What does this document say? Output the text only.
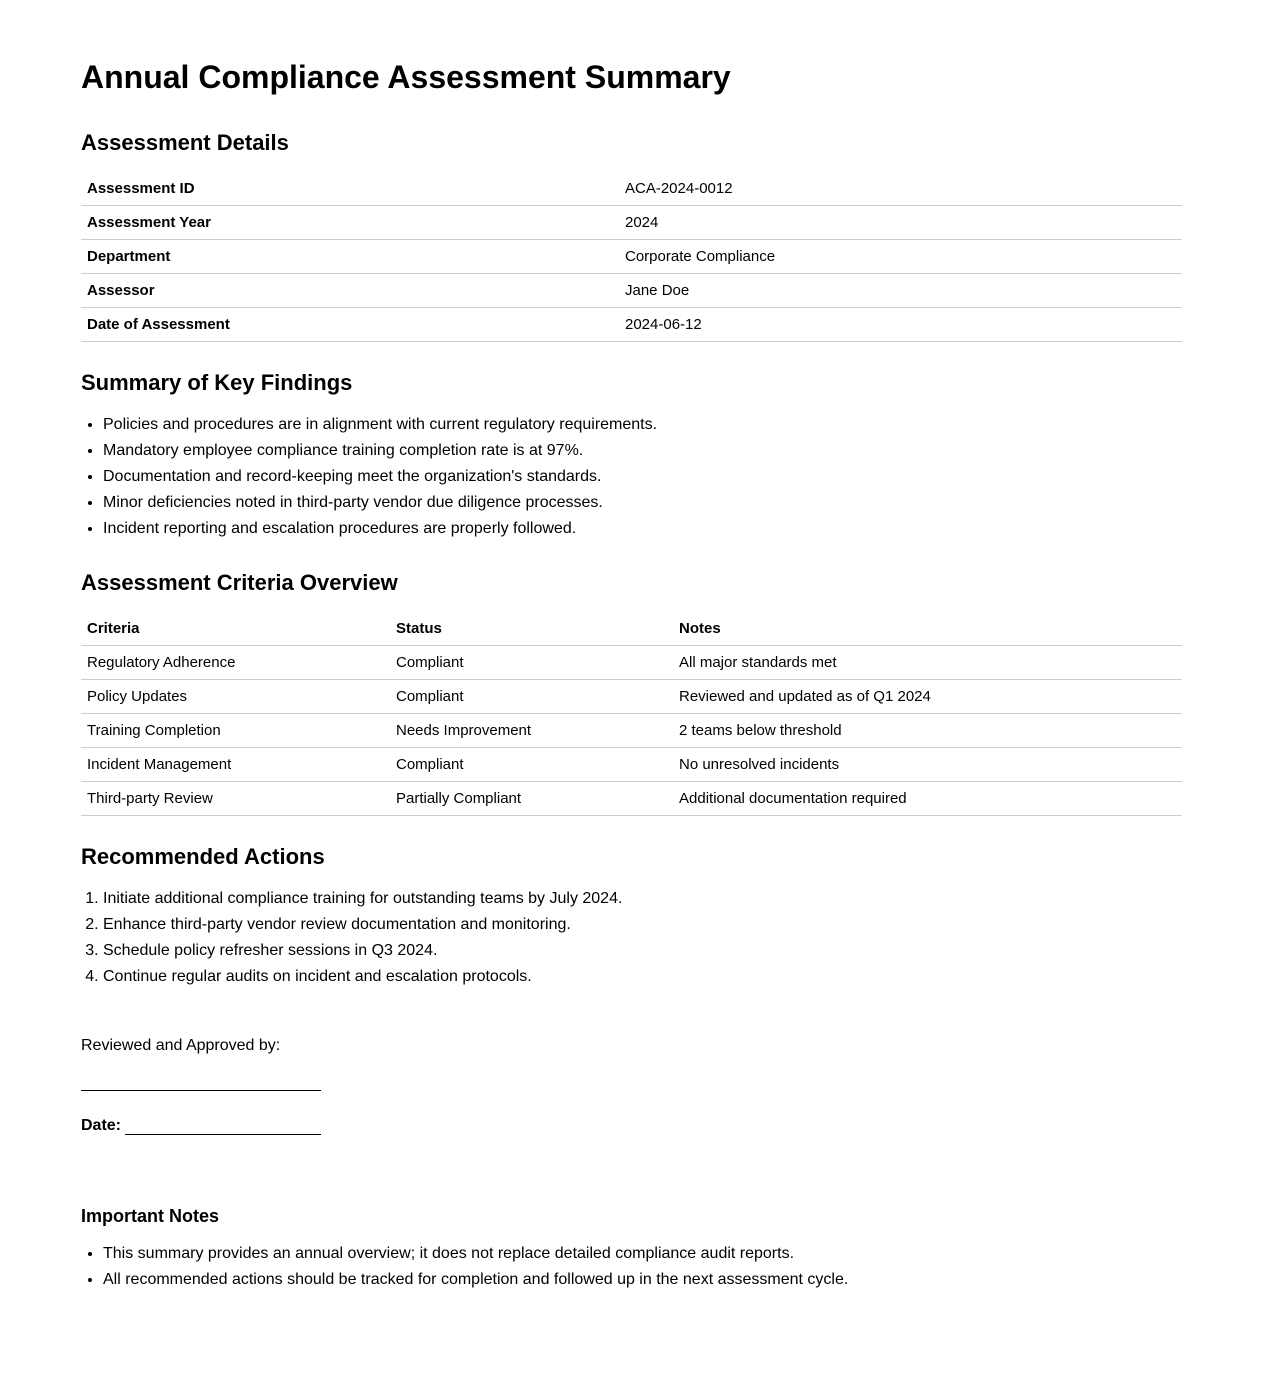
Annual Compliance Assessment Summary
Assessment Details
Assessment ID	ACA-2024-0012
Assessment Year	2024
Department	Corporate Compliance
Assessor	Jane Doe
Date of Assessment	2024-06-12
Summary of Key Findings
• Policies and procedures are in alignment with current regulatory requirements.
• Mandatory employee compliance training completion rate is at 97%.
• Documentation and record-keeping meet the organization's standards.
• Minor deficiencies noted in third-party vendor due diligence processes.
• Incident reporting and escalation procedures are properly followed.
Assessment Criteria Overview
Criteria	Status	Notes
Regulatory Adherence	Compliant	All major standards met
Policy Updates	Compliant	Reviewed and updated as of Q1 2024
Training Completion	Needs Improvement	2 teams below threshold
Incident Management	Compliant	No unresolved incidents
Third-party Review	Partially Compliant	Additional documentation required
Recommended Actions
1. Initiate additional compliance training for outstanding teams by July 2024.
2. Enhance third-party vendor review documentation and monitoring.
3. Schedule policy refresher sessions in Q3 2024.
4. Continue regular audits on incident and escalation protocols.
Reviewed and Approved by:
Date:
Important Notes
• This summary provides an annual overview; it does not replace detailed compliance audit reports.
• All recommended actions should be tracked for completion and followed up in the next assessment cycle.
